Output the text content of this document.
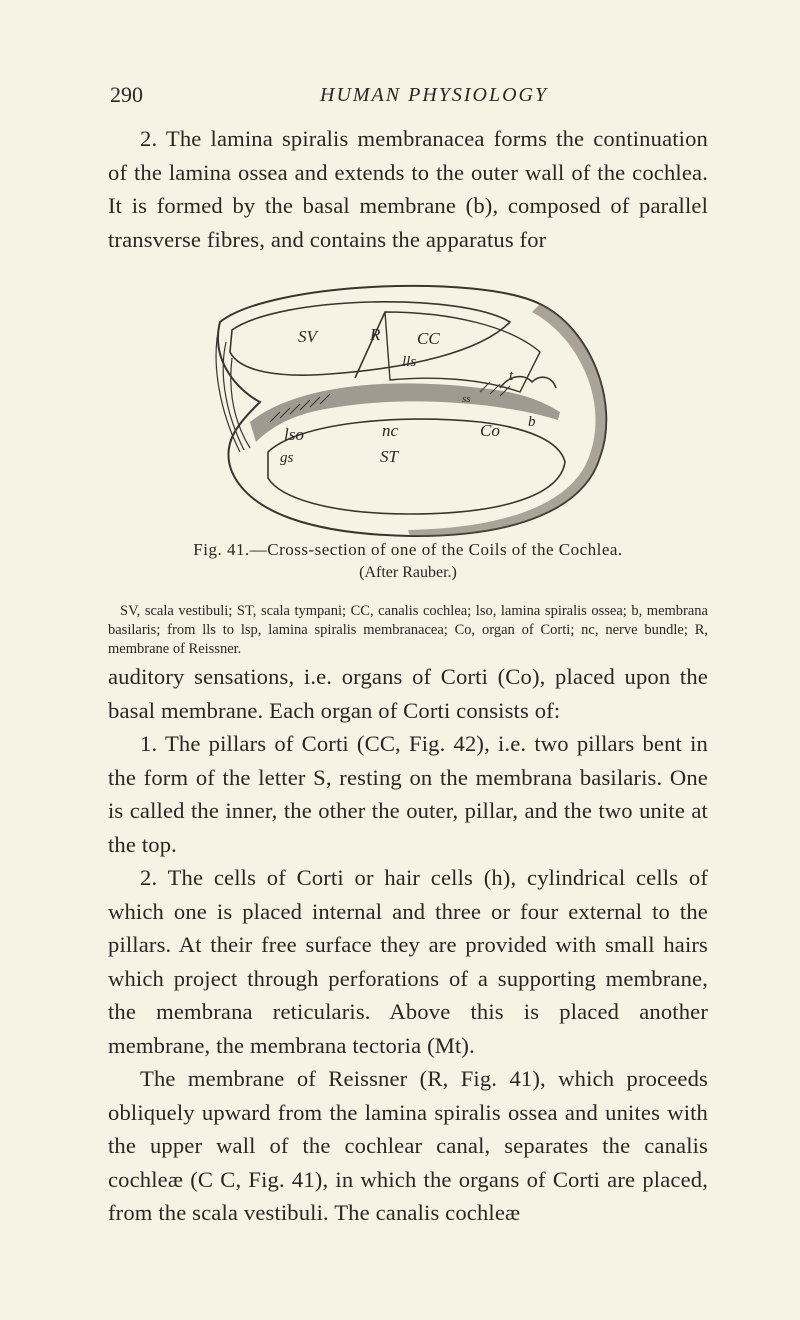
290	HUMAN PHYSIOLOGY

2. The lamina spiralis membranacea forms the continuation of the lamina ossea and extends to the outer wall of the cochlea. It is formed by the basal membrane (b), composed of parallel transverse fibres, and contains the apparatus for

SV	R CC
lls
t
ss
lso	nc	Co b
gs	ST
Fig. 41.—Cross-section of one of the Coils of the Cochlea.
(After Rauber.)

SV, scala vestibuli; ST, scala tympani; CC, canalis cochlea; lso, lamina spiralis ossea; b, membrana basilaris; from lls to lsp, lamina spiralis membranacea; Co, organ of Corti; nc, nerve bundle; R, membrane of Reissner.

auditory sensations, i.e. organs of Corti (Co), placed upon the basal membrane. Each organ of Corti consists of:

1. The pillars of Corti (CC, Fig. 42), i.e. two pillars bent in the form of the letter S, resting on the membrana basilaris. One is called the inner, the other the outer, pillar, and the two unite at the top.

2. The cells of Corti or hair cells (h), cylindrical cells of which one is placed internal and three or four external to the pillars. At their free surface they are provided with small hairs which project through perforations of a supporting membrane, the membrana reticularis. Above this is placed another membrane, the membrana tectoria (Mt).

The membrane of Reissner (R, Fig. 41), which proceeds obliquely upward from the lamina spiralis ossea and unites with the upper wall of the cochlear canal, separates the canalis cochleæ (C C, Fig. 41), in which the organs of Corti are placed, from the scala vestibuli. The canalis cochleæ
